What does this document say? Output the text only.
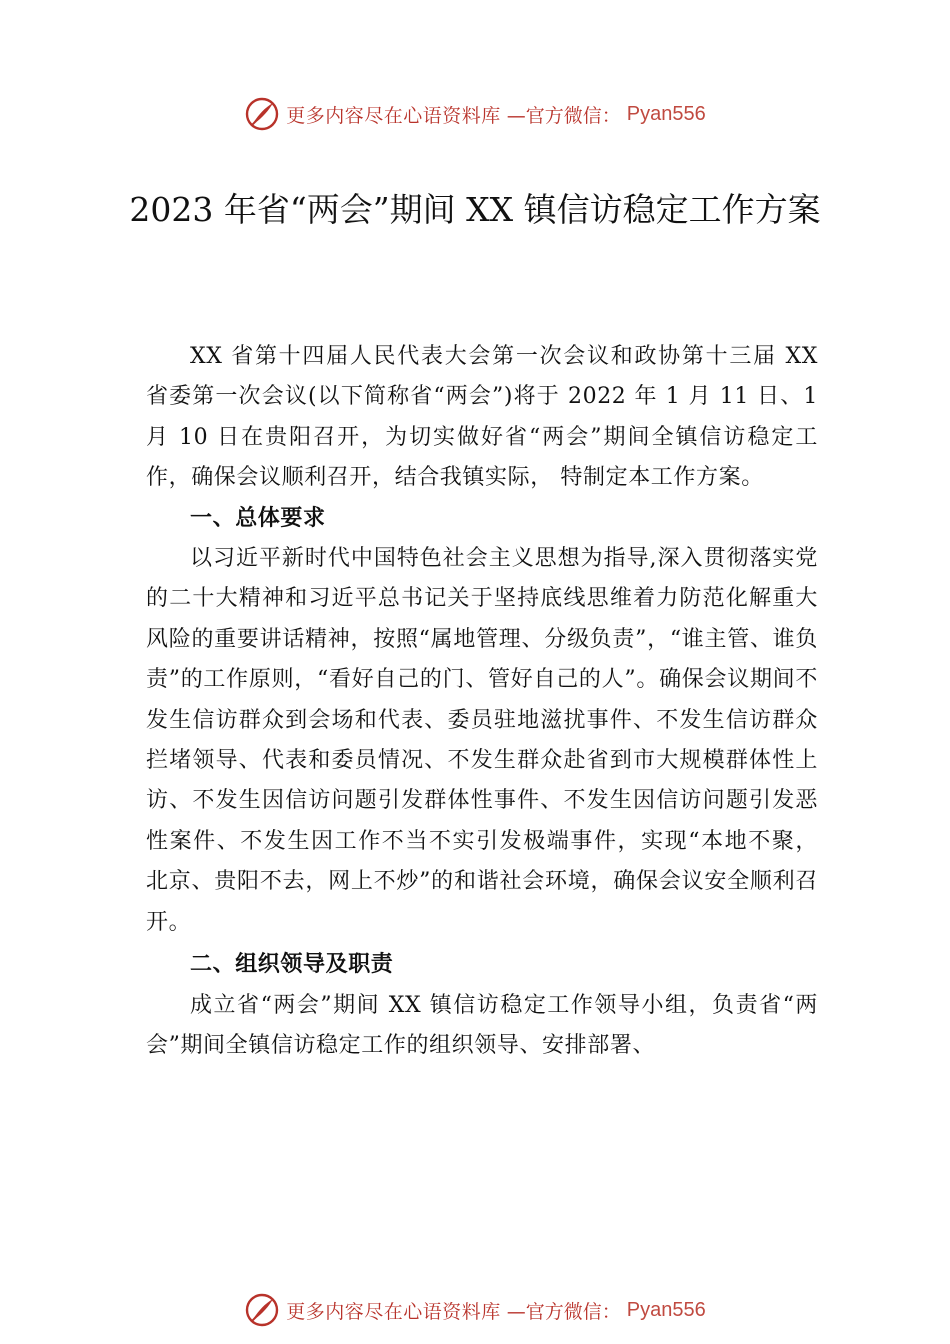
更多内容尽在心语资料库 —官方微信： Pyan556
2023 年省“两会”期间 XX 镇信访稳定工作方案

XX 省第十四届人民代表大会第一次会议和政协第十三届 XX 省委第一次会议(以下简称省“两会”)将于 2022 年 1 月 11 日、1 月 10 日在贵阳召开，为切实做好省“两会”期间全镇信访稳定工作，确保会议顺利召开，结合我镇实际， 特制定本工作方案。

一、总体要求

以习近平新时代中国特色社会主义思想为指导,深入贯彻落实党的二十大精神和习近平总书记关于坚持底线思维着力防范化解重大风险的重要讲话精神，按照“属地管理、分级负责”，“谁主管、谁负责”的工作原则，“看好自己的门、管好自己的人”。确保会议期间不发生信访群众到会场和代表、委员驻地滋扰事件、不发生信访群众拦堵领导、代表和委员情况、不发生群众赴省到市大规模群体性上访、不发生因信访问题引发群体性事件、不发生因信访问题引发恶性案件、不发生因工作不当不实引发极端事件，实现“本地不聚， 北京、贵阳不去，网上不炒”的和谐社会环境，确保会议安全顺利召开。

二、组织领导及职责

成立省“两会”期间 XX 镇信访稳定工作领导小组，负责省“两会”期间全镇信访稳定工作的组织领导、安排部署、

更多内容尽在心语资料库 —官方微信： Pyan556
